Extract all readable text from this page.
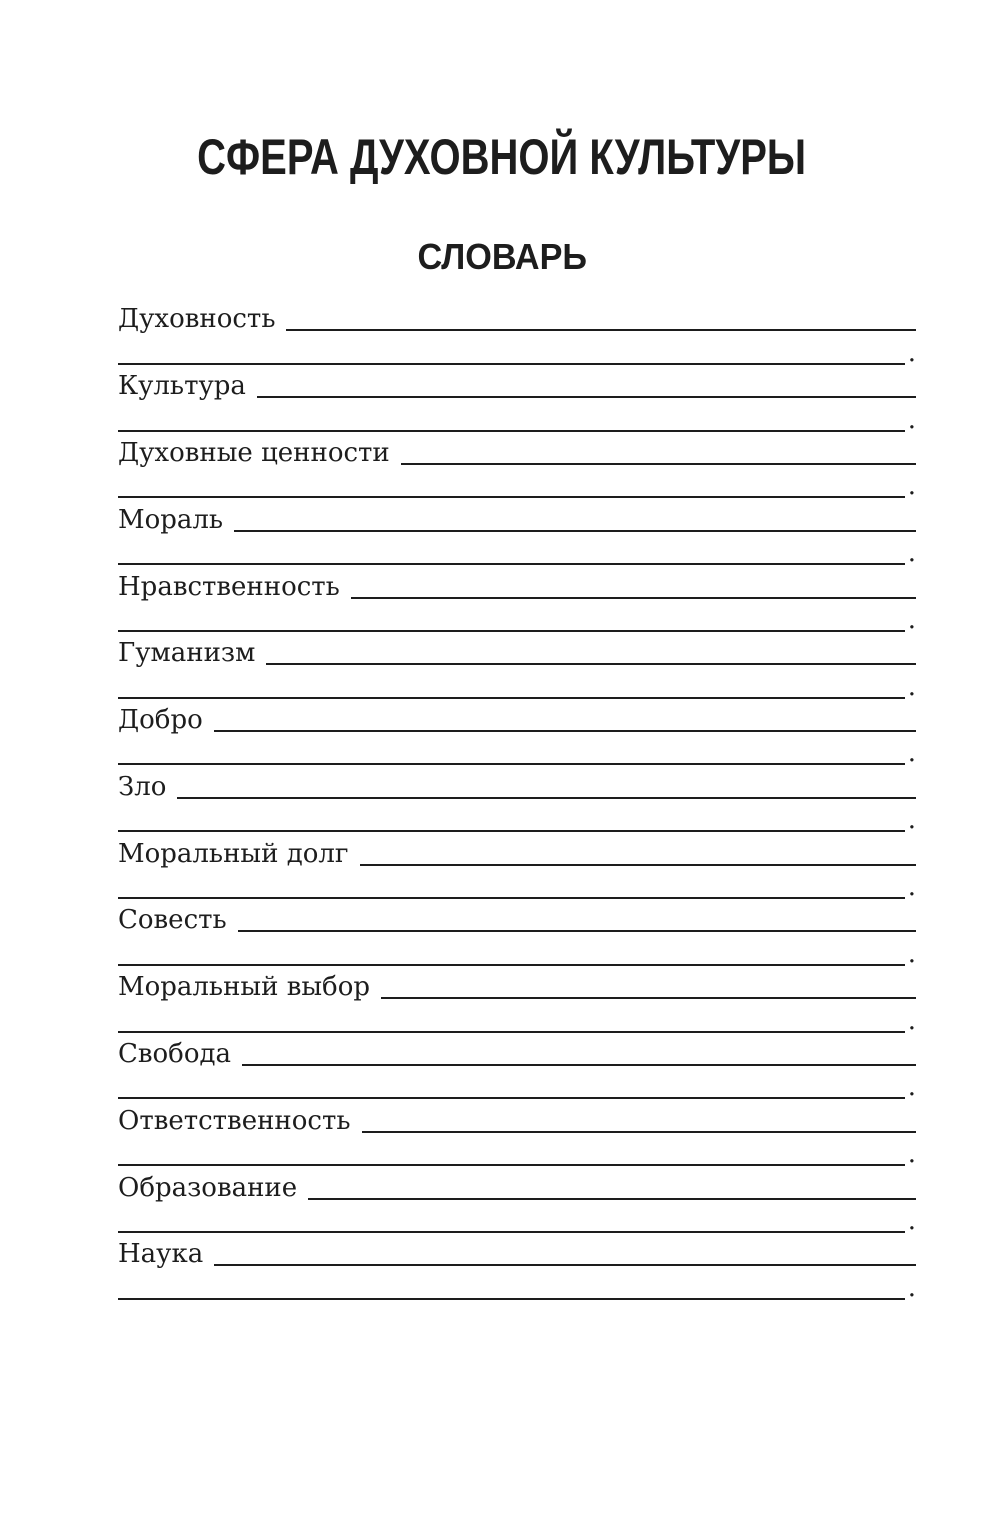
СФЕРА ДУХОВНОЙ КУЛЬТУРЫ
СЛОВАРЬ
Духовность
.
Культура
.
Духовные ценности
.
Мораль
.
Нравственность
.
Гуманизм
.
Добро
.
Зло
.
Моральный долг
.
Совесть
.
Моральный выбор
.
Свобода
.
Ответственность
.
Образование
.
Наука
.
